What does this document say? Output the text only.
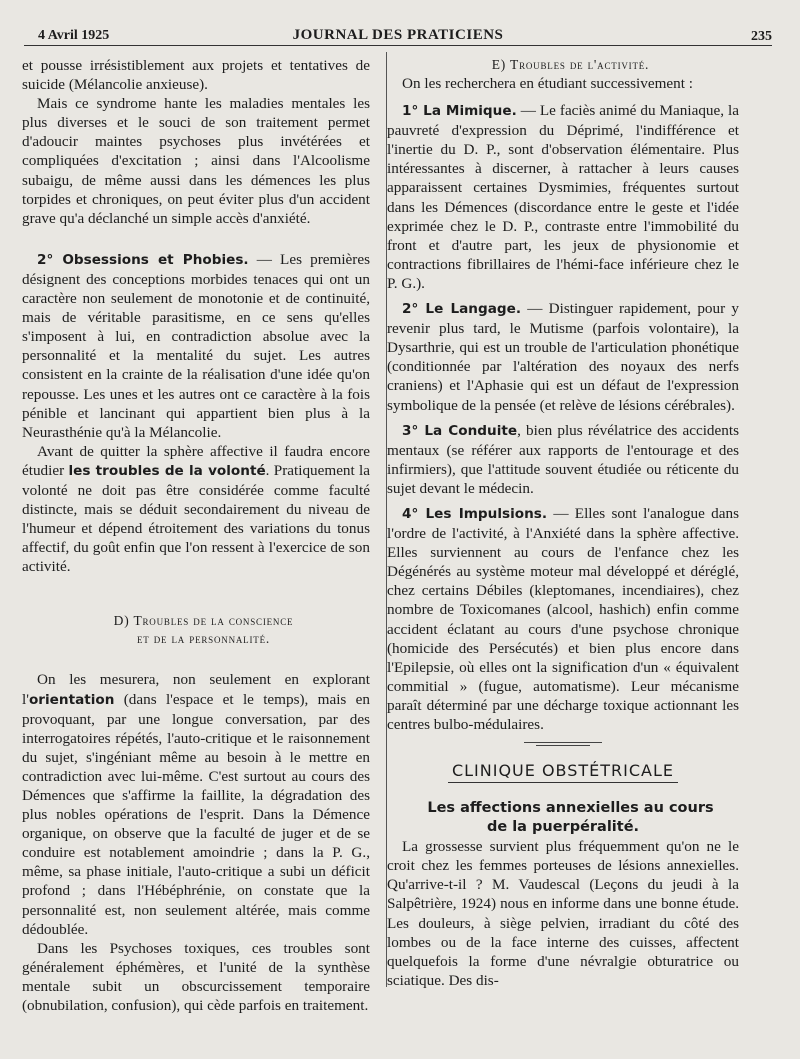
4 Avril 1925	JOURNAL DES PRATICIENS	235

et pousse irrésistiblement aux projets et tentatives de suicide (Mélancolie anxieuse).

Mais ce syndrome hante les maladies mentales les plus diverses et le souci de son traitement permet d'adoucir maintes psychoses plus invétérées et compliquées d'excitation ; ainsi dans l'Alcoolisme subaigu, de même aussi dans les démences les plus torpides et chroniques, on peut éviter plus d'un accident grave qu'a déclanché un simple accès d'anxiété.

2° Obsessions et Phobies. — Les premières désignent des conceptions morbides tenaces qui ont un caractère non seulement de monotonie et de continuité, mais de véritable parasitisme, en ce sens qu'elles s'imposent à lui, en contradiction absolue avec la personnalité et la mentalité du sujet. Les autres consistent en la crainte de la réalisation d'une idée qu'on repousse. Les unes et les autres ont ce caractère à la fois pénible et lancinant qui appartient bien plus à la Neurasthénie qu'à la Mélancolie.

Avant de quitter la sphère affective il faudra encore étudier les troubles de la volonté. Pratiquement la volonté ne doit pas être considérée comme faculté distincte, mais se déduit secondairement du niveau de l'humeur et dépend étroitement des variations du tonus affectif, du goût enfin que l'on ressent à l'exercice de son activité.

D) Troubles de la conscience

et de la personnalité.

On les mesurera, non seulement en explorant l'orientation (dans l'espace et le temps), mais en provoquant, par une longue conversation, par des interrogatoires répétés, l'auto-critique et le raisonnement du sujet, s'ingéniant même au besoin à le mettre en contradiction avec lui-même. C'est surtout au cours des Démences que s'affirme la faillite, la dégradation des plus nobles opérations de l'esprit. Dans la Démence organique, on observe que la faculté de juger et de se conduire est notablement amoindrie ; dans la P. G., même, sa phase initiale, l'auto-critique a subi un déficit profond ; dans l'Hébéphrénie, on constate que la personnalité est, non seulement altérée, mais comme dédoublée.

Dans les Psychoses toxiques, ces troubles sont généralement éphémères, et l'unité de la synthèse mentale subit un obscurcissement temporaire (obnubilation, confusion), qui cède parfois en traitement.

E) Troubles de l'activité.

On les recherchera en étudiant successivement :

1° La Mimique. — Le faciès animé du Maniaque, la pauvreté d'expression du Déprimé, l'indifférence et l'inertie du D. P., sont d'observation élémentaire. Plus intéressantes à discerner, à rattacher à leurs causes apparaissent certaines Dysmimies, fréquentes surtout dans les Démences (discordance entre le geste et l'idée exprimée chez le D. P., contraste entre l'immobilité du front et d'autre part, les jeux de physionomie et contractions fibrillaires de l'hémi-face inférieure chez le P. G.).

2° Le Langage. — Distinguer rapidement, pour y revenir plus tard, le Mutisme (parfois volontaire), la Dysarthrie, qui est un trouble de l'articulation phonétique (conditionnée par l'altération des noyaux des nerfs craniens) et l'Aphasie qui est un défaut de l'expression symbolique de la pensée (et relève de lésions cérébrales).

3° La Conduite, bien plus révélatrice des accidents mentaux (se référer aux rapports de l'entourage et des infirmiers), que l'attitude souvent étudiée ou réticente du sujet devant le médecin.

4° Les Impulsions. — Elles sont l'analogue dans l'ordre de l'activité, à l'Anxiété dans la sphère affective. Elles surviennent au cours de l'enfance chez les Dégénérés au système moteur mal développé et déréglé, chez certains Débiles (kleptomanes, incendiaires), chez nombre de Toxicomanes (alcool, hashich) enfin comme accident éclatant au cours d'une psychose chronique (homicide des Persécutés) et bien plus encore dans l'Epilepsie, où elles ont la signification d'un « équivalent commitial » (fugue, automatisme). Leur mécanisme paraît déterminé par une décharge toxique actionnant les centres bulbo-médulaires.

CLINIQUE OBSTÉTRICALE

Les affections annexielles au cours
de la puerpéralité.

La grossesse survient plus fréquemment qu'on ne le croit chez les femmes porteuses de lésions annexielles. Qu'arrive-t-il ? M. Vaudescal (Leçons du jeudi à la Salpêtrière, 1924) nous en informe dans une bonne étude. Les douleurs, à siège pelvien, irradiant du côté des lombes ou de la face interne des cuisses, affectent quelquefois la forme d'une névralgie obturatrice ou sciatique. Des dis-
